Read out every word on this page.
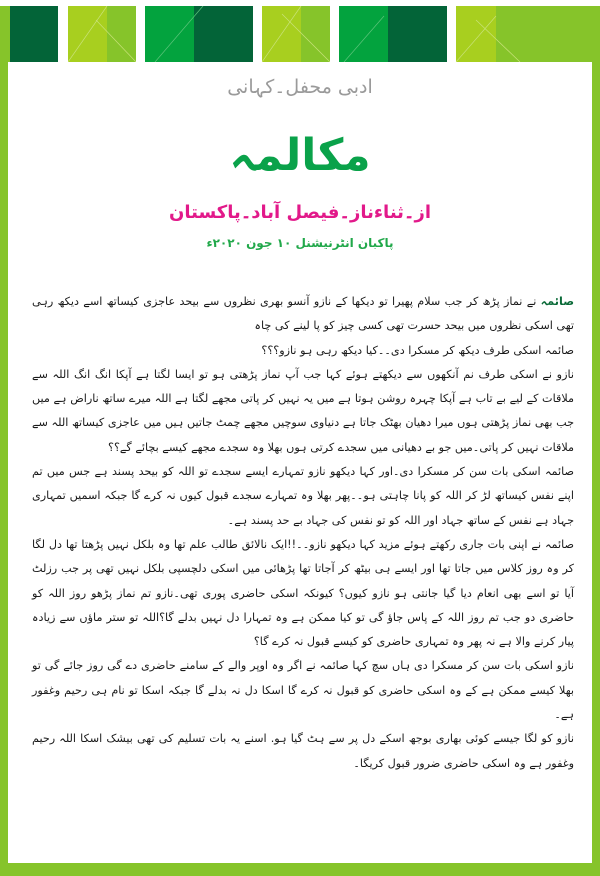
ادبی محفل۔کہانی
مکالمہ
از۔ثناءناز۔فیصل آباد۔پاکستان
پاکبان انٹرنیشنل ۱۰ جون ۲۰۲۰ء

صائمہ نے نماز پڑھ کر جب سلام پھیرا تو دیکھا کے نازو آنسو بھری نظروں سے بیحد عاجزی کیساتھ اسے دیکھ رہی تھی اسکی نظروں میں بیحد حسرت تھی کسی چیز کو پا لینے کی چاہ

صائمہ اسکی طرف دیکھ کر مسکرا دی۔۔کیا دیکھ رہی ہو نازو؟؟؟

نازو نے اسکی طرف نم آنکھوں سے دیکھتے ہوئے کہا جب آپ نماز پڑھتی ہو تو ایسا لگتا ہے آپکا انگ انگ اللہ سے ملاقات کے لیے بے تاب ہے آپکا چہرہ روشن ہوتا ہے میں یہ نہیں کر پاتی مجھے لگتا ہے اللہ میرے ساتھ ناراض ہے میں جب بھی نماز پڑھتی ہوں میرا دھیان بھٹک جاتا ہے دنیاوی سوچیں مجھے چمٹ جاتیں ہیں میں عاجزی کیساتھ اللہ سے ملاقات نہیں کر پاتی۔میں جو بے دھیانی میں سجدے کرتی ہوں بھلا وہ سجدے مجھے کیسے بچائے گے؟؟

صائمہ اسکی بات سن کر مسکرا دی۔اور کہا دیکھو نازو تمہارے ایسے سجدے تو اللہ کو بیحد پسند ہے جس میں تم اپنے نفس کیساتھ لڑ کر اللہ کو پانا چاہتی ہو۔۔پھر بھلا وہ تمہارے سجدے قبول کیوں نہ کرے گا جبکہ اسمیں تمہاری جہاد ہے نفس کے ساتھ جہاد اور اللہ کو تو نفس کی جہاد بے حد پسند ہے۔

صائمہ نے اپنی بات جاری رکھتے ہوئے مزید کہا دیکھو نازو۔۔!!ایک نالائق طالب علم تھا وہ بلکل نہیں پڑھتا تھا دل لگا کر وہ روز کلاس میں جاتا تھا اور ایسے ہی بیٹھ کر آجاتا تھا پڑھائی میں اسکی دلچسپی بلکل نہیں تھی پر جب رزلٹ آیا تو اسے بھی انعام دیا گیا جانتی ہو نازو کیوں؟ کیونکہ اسکی حاضری پوری تھی۔نازو تم نماز پڑھو روز اللہ کو حاضری دو جب تم روز اللہ کے پاس جاؤ گی تو کیا ممکن ہے وہ تمہارا دل نہیں بدلے گا؟اللہ تو ستر ماؤں سے زیادہ پیار کرنے والا ہے نہ پھر وہ تمہاری حاضری کو کیسے قبول نہ کرے گا؟

نازو اسکی بات سن کر مسکرا دی ہاں سچ کہا صائمہ نے اگر وہ اوپر والے کے سامنے حاضری دے گی روز جائے گی تو بھلا کیسے ممکن ہے کے وہ اسکی حاضری کو قبول نہ کرے گا اسکا دل نہ بدلے گا جبکہ اسکا تو نام ہی رحیم وغفور ہے۔

نازو کو لگا جیسے کوئی بھاری بوجھ اسکے دل پر سے ہٹ گیا ہو. اسنے یہ بات تسلیم کی تھی بیشک اسکا اللہ رحیم وغفور ہے وہ اسکی حاضری ضرور قبول کریگا۔
